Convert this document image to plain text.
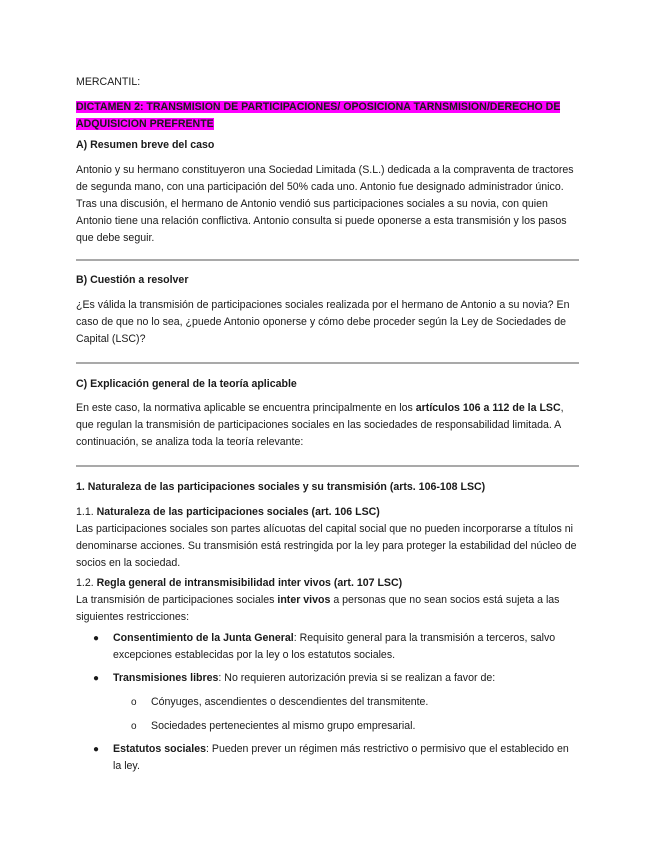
MERCANTIL:
DICTAMEN 2: TRANSMISION DE PARTICIPACIONES/ OPOSICIONA TARNSMISION/DERECHO DE ADQUISICION PREFRENTE

A) Resumen breve del caso

Antonio y su hermano constituyeron una Sociedad Limitada (S.L.) dedicada a la compraventa de tractores de segunda mano, con una participación del 50% cada uno. Antonio fue designado administrador único. Tras una discusión, el hermano de Antonio vendió sus participaciones sociales a su novia, con quien Antonio tiene una relación conflictiva. Antonio consulta si puede oponerse a esta transmisión y los pasos que debe seguir.

B) Cuestión a resolver

¿Es válida la transmisión de participaciones sociales realizada por el hermano de Antonio a su novia? En caso de que no lo sea, ¿puede Antonio oponerse y cómo debe proceder según la Ley de Sociedades de Capital (LSC)?

C) Explicación general de la teoría aplicable

En este caso, la normativa aplicable se encuentra principalmente en los artículos 106 a 112 de la LSC, que regulan la transmisión de participaciones sociales en las sociedades de responsabilidad limitada. A continuación, se analiza toda la teoría relevante:

1. Naturaleza de las participaciones sociales y su transmisión (arts. 106-108 LSC)

1.1. Naturaleza de las participaciones sociales (art. 106 LSC)

Las participaciones sociales son partes alícuotas del capital social que no pueden incorporarse a títulos ni denominarse acciones. Su transmisión está restringida por la ley para proteger la estabilidad del núcleo de socios en la sociedad.

1.2. Regla general de intransmisibilidad inter vivos (art. 107 LSC)

La transmisión de participaciones sociales inter vivos a personas que no sean socios está sujeta a las siguientes restricciones:

● Consentimiento de la Junta General: Requisito general para la transmisión a terceros, salvo excepciones establecidas por la ley o los estatutos sociales.
● Transmisiones libres: No requieren autorización previa si se realizan a favor de:
o Cónyuges, ascendientes o descendientes del transmitente.
o Sociedades pertenecientes al mismo grupo empresarial.
● Estatutos sociales: Pueden prever un régimen más restrictivo o permisivo que el establecido en la ley.
